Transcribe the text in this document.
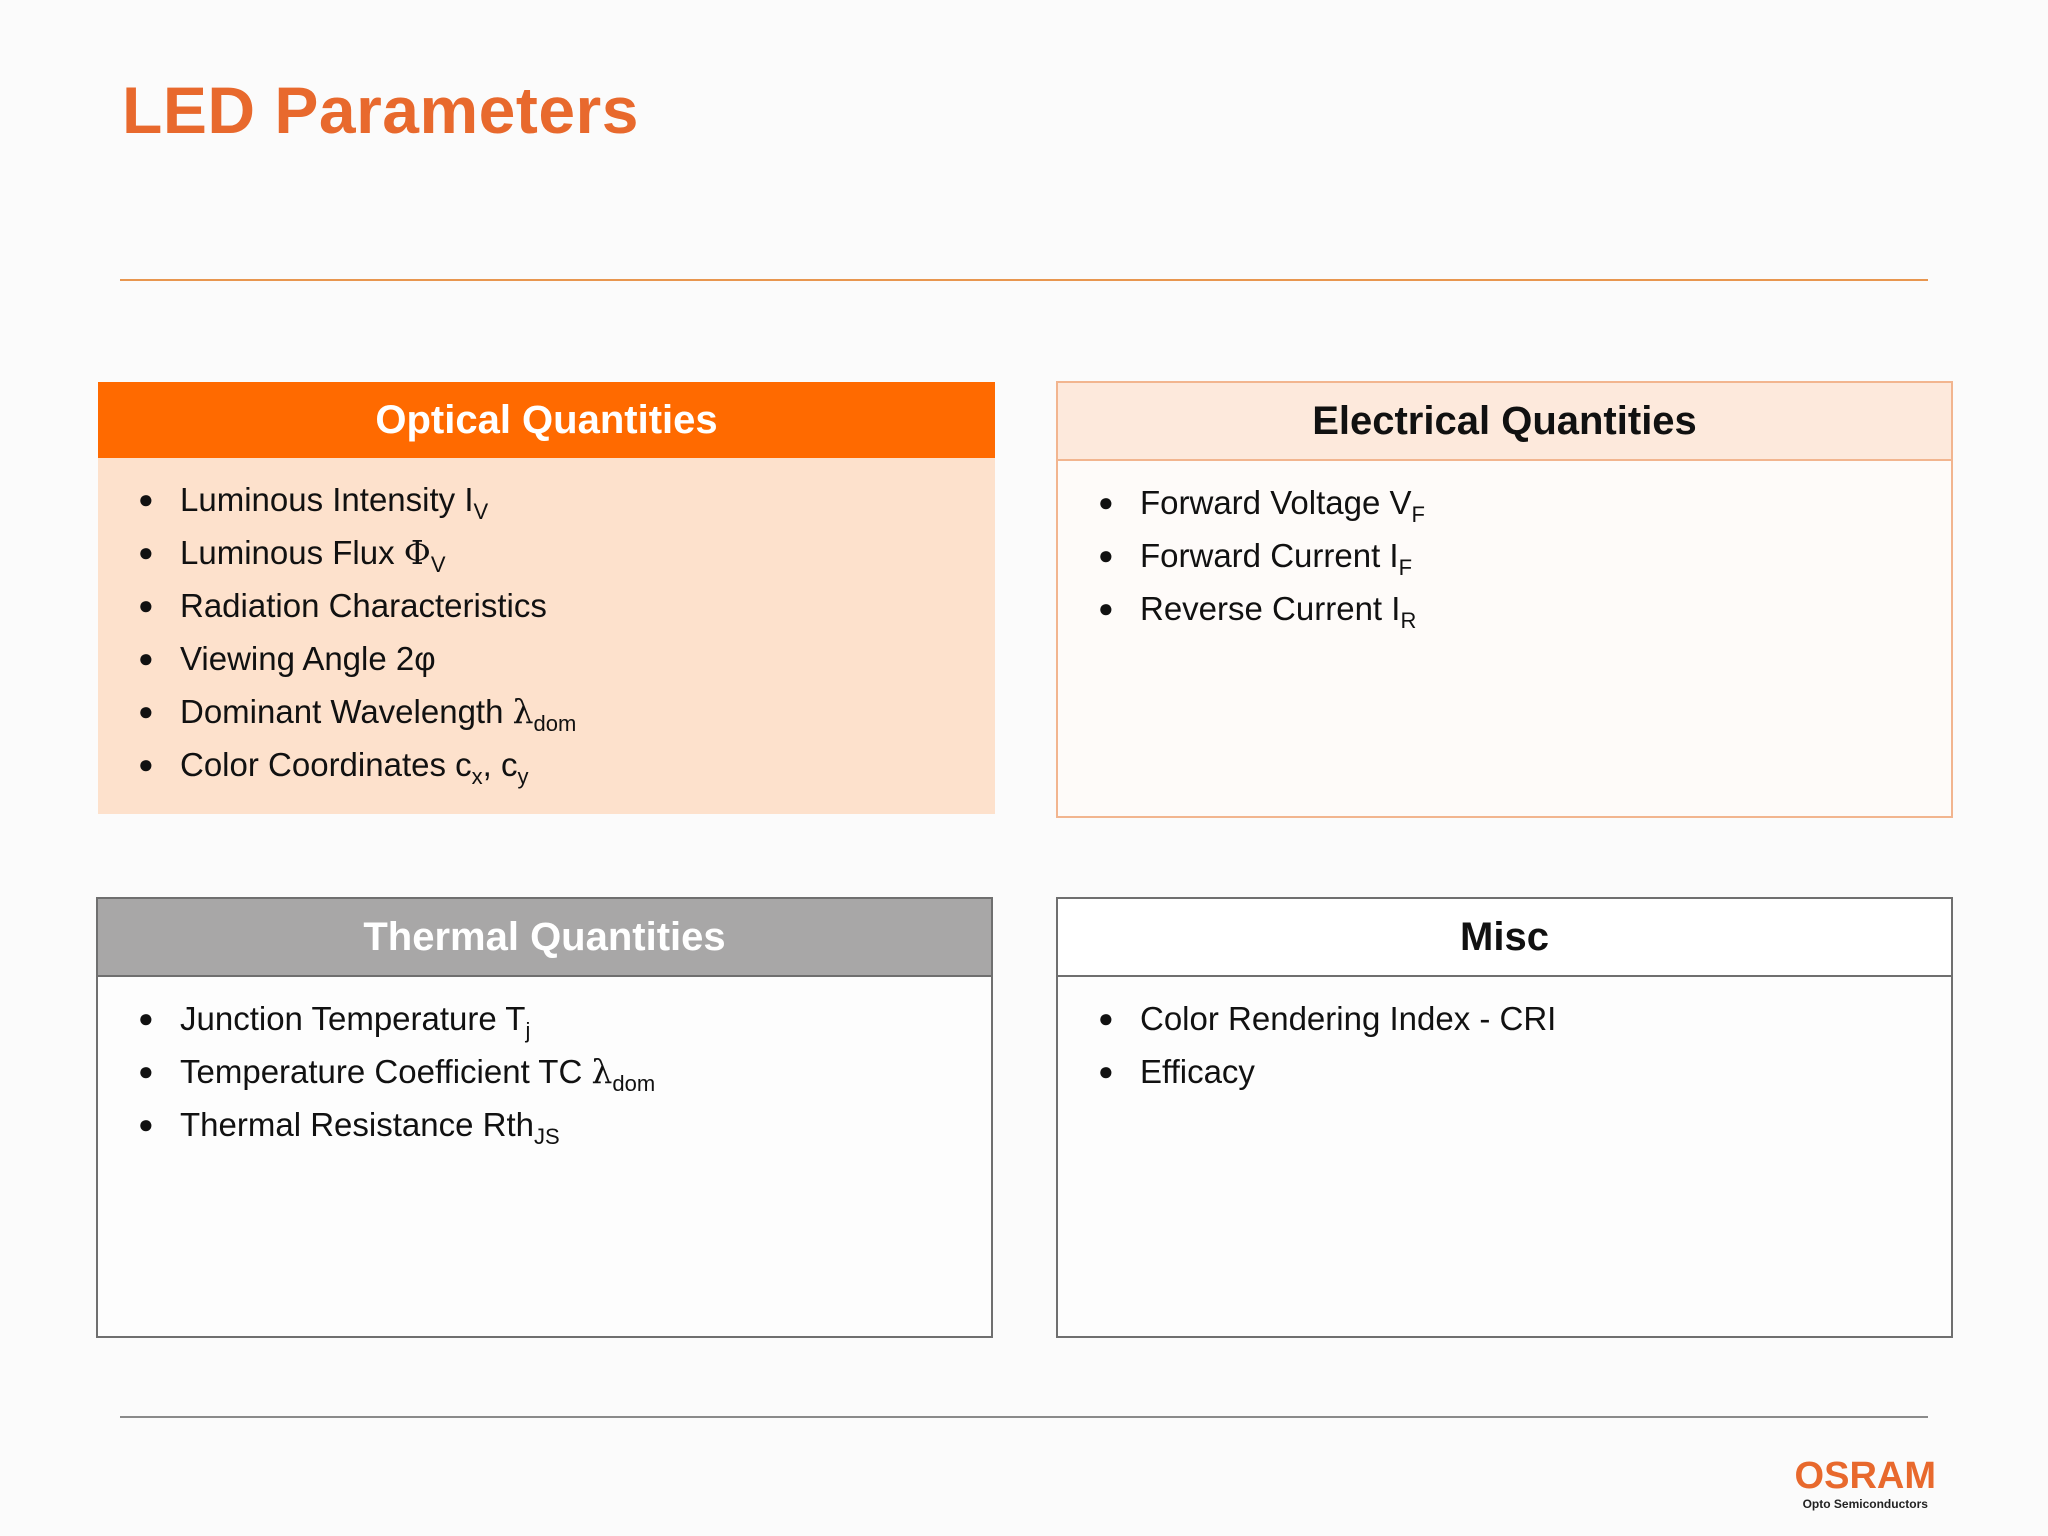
LED Parameters
Optical Quantities
● Luminous Intensity $I_V$
● Luminous Flux $\Phi_V$
● Radiation Characteristics
● Viewing Angle 2φ
● Dominant Wavelength $\lambda_{dom}$
● Color Coordinates $c_x$, $c_y$
Electrical Quantities
● Forward Voltage $V_F$
● Forward Current $I_F$
● Reverse Current $I_R$
Thermal Quantities
● Junction Temperature $T_j$
● Temperature Coefficient TC $\lambda_{dom}$
● Thermal Resistance Rth$_{JS}$
Misc
● Color Rendering Index - CRI
● Efficacy
OSRAM
Opto Semiconductors
